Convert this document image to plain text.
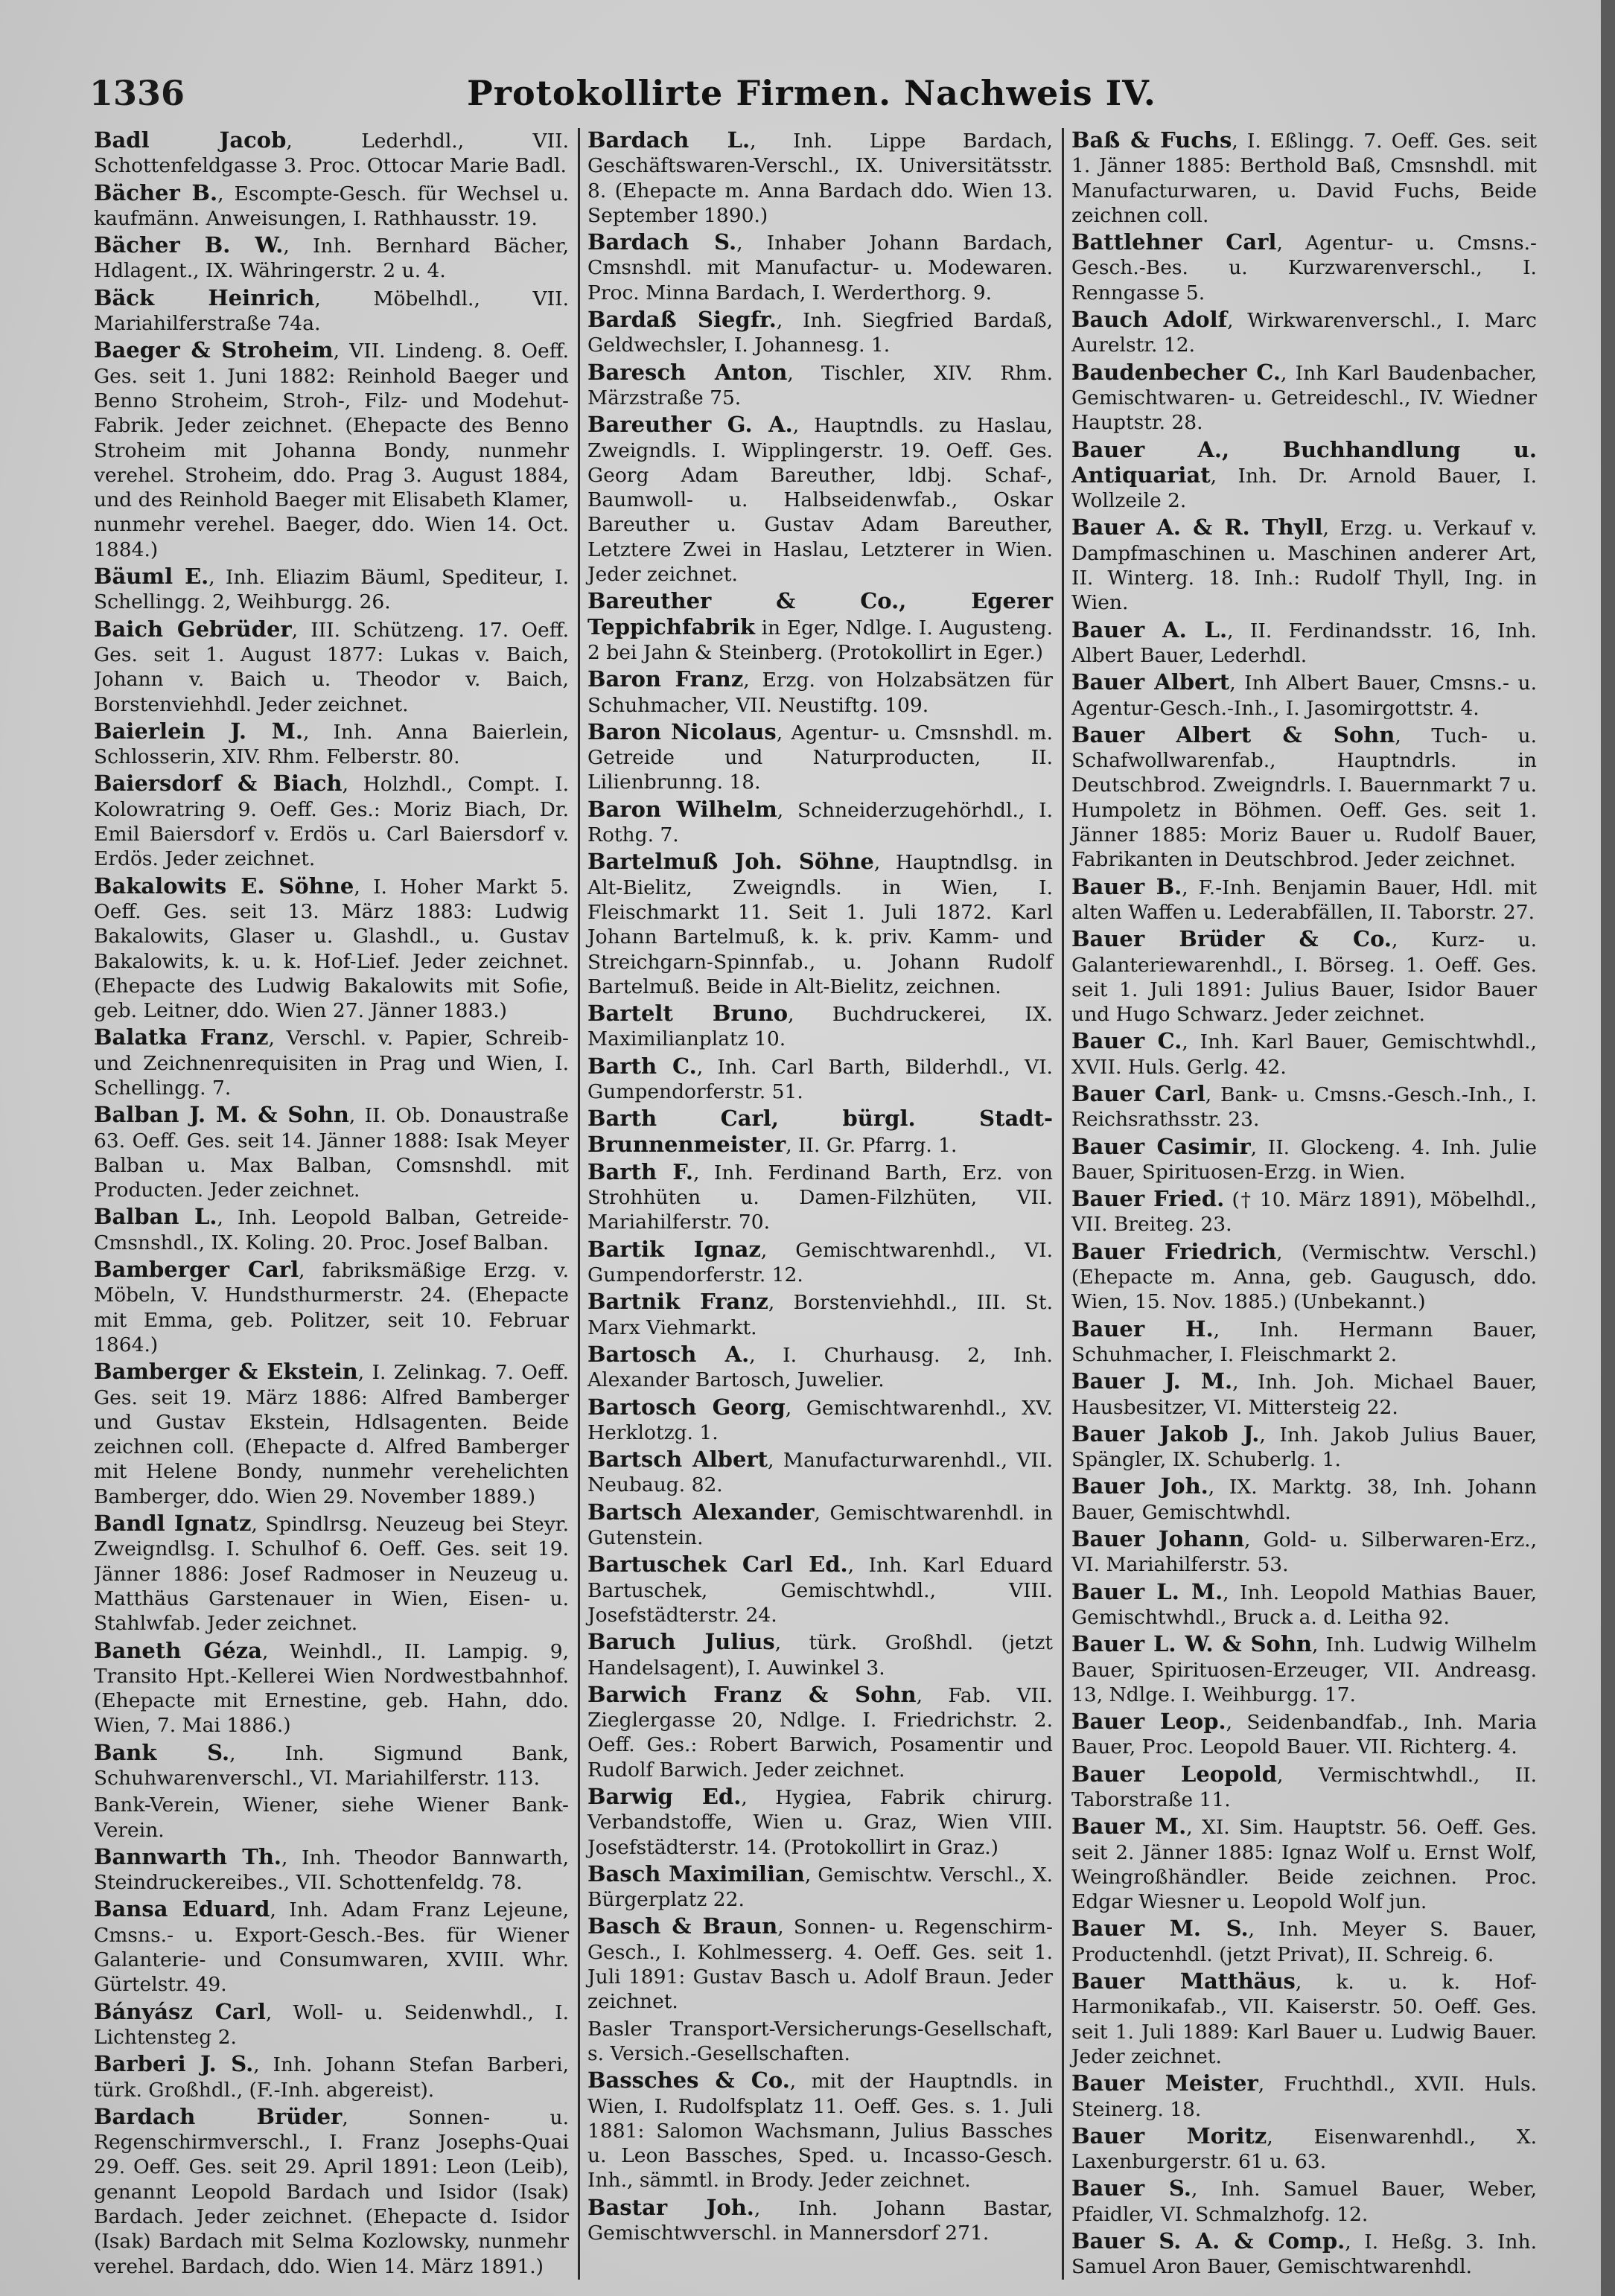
1336	Protokollirte Firmen. Nachweis IV.

Badl Jacob, Lederhdl., VII. Schottenfeldgasse 3. Proc. Ottocar Marie Badl.

Bächer B., Escompte-Gesch. für Wechsel u. kaufmänn. Anweisungen, I. Rathhausstr. 19.

Bächer B. W., Inh. Bernhard Bächer, Hdlagent., IX. Währingerstr. 2 u. 4.

Bäck Heinrich, Möbelhdl., VII. Mariahilferstraße 74a.

Baeger & Stroheim, VII. Lindeng. 8. Oeff. Ges. seit 1. Juni 1882: Reinhold Baeger und Benno Stroheim, Stroh-, Filz- und Modehut-Fabrik. Jeder zeichnet. (Ehepacte des Benno Stroheim mit Johanna Bondy, nunmehr verehel. Stroheim, ddo. Prag 3. August 1884, und des Reinhold Baeger mit Elisabeth Klamer, nunmehr verehel. Baeger, ddo. Wien 14. Oct. 1884.)

Bäuml E., Inh. Eliazim Bäuml, Spediteur, I. Schellingg. 2, Weihburgg. 26.

Baich Gebrüder, III. Schützeng. 17. Oeff. Ges. seit 1. August 1877: Lukas v. Baich, Johann v. Baich u. Theodor v. Baich, Borstenviehhdl. Jeder zeichnet.

Baierlein J. M., Inh. Anna Baierlein, Schlosserin, XIV. Rhm. Felberstr. 80.

Baiersdorf & Biach, Holzhdl., Compt. I. Kolowratring 9. Oeff. Ges.: Moriz Biach, Dr. Emil Baiersdorf v. Erdös u. Carl Baiersdorf v. Erdös. Jeder zeichnet.

Bakalowits E. Söhne, I. Hoher Markt 5. Oeff. Ges. seit 13. März 1883: Ludwig Bakalowits, Glaser u. Glashdl., u. Gustav Bakalowits, k. u. k. Hof-Lief. Jeder zeichnet. (Ehepacte des Ludwig Bakalowits mit Sofie, geb. Leitner, ddo. Wien 27. Jänner 1883.)

Balatka Franz, Verschl. v. Papier, Schreib- und Zeichnenrequisiten in Prag und Wien, I. Schellingg. 7.

Balban J. M. & Sohn, II. Ob. Donaustraße 63. Oeff. Ges. seit 14. Jänner 1888: Isak Meyer Balban u. Max Balban, Comsnshdl. mit Producten. Jeder zeichnet.

Balban L., Inh. Leopold Balban, Getreide-Cmsnshdl., IX. Koling. 20. Proc. Josef Balban.

Bamberger Carl, fabriksmäßige Erzg. v. Möbeln, V. Hundsthurmerstr. 24. (Ehepacte mit Emma, geb. Politzer, seit 10. Februar 1864.)

Bamberger & Ekstein, I. Zelinkag. 7. Oeff. Ges. seit 19. März 1886: Alfred Bamberger und Gustav Ekstein, Hdlsagenten. Beide zeichnen coll. (Ehepacte d. Alfred Bamberger mit Helene Bondy, nunmehr verehelichten Bamberger, ddo. Wien 29. November 1889.)

Bandl Ignatz, Spindlrsg. Neuzeug bei Steyr. Zweigndlsg. I. Schulhof 6. Oeff. Ges. seit 19. Jänner 1886: Josef Radmoser in Neuzeug u. Matthäus Garstenauer in Wien, Eisen- u. Stahlwfab. Jeder zeichnet.

Baneth Géza, Weinhdl., II. Lampig. 9, Transito Hpt.-Kellerei Wien Nordwestbahnhof. (Ehepacte mit Ernestine, geb. Hahn, ddo. Wien, 7. Mai 1886.)

Bank S., Inh. Sigmund Bank, Schuhwarenverschl., VI. Mariahilferstr. 113.

Bank-Verein, Wiener, siehe Wiener Bank-Verein.

Bannwarth Th., Inh. Theodor Bannwarth, Steindruckereibes., VII. Schottenfeldg. 78.

Bansa Eduard, Inh. Adam Franz Lejeune, Cmsns.- u. Export-Gesch.-Bes. für Wiener Galanterie- und Consumwaren, XVIII. Whr. Gürtelstr. 49.

Bányász Carl, Woll- u. Seidenwhdl., I. Lichtensteg 2.

Barberi J. S., Inh. Johann Stefan Barberi, türk. Großhdl., (F.-Inh. abgereist).

Bardach Brüder, Sonnen- u. Regenschirmverschl., I. Franz Josephs-Quai 29. Oeff. Ges. seit 29. April 1891: Leon (Leib), genannt Leopold Bardach und Isidor (Isak) Bardach. Jeder zeichnet. (Ehepacte d. Isidor (Isak) Bardach mit Selma Kozlowsky, nunmehr verehel. Bardach, ddo. Wien 14. März 1891.)

Bardach L., Inh. Lippe Bardach, Geschäftswaren-Verschl., IX. Universitätsstr. 8. (Ehepacte m. Anna Bardach ddo. Wien 13. September 1890.)

Bardach S., Inhaber Johann Bardach, Cmsnshdl. mit Manufactur- u. Modewaren. Proc. Minna Bardach, I. Werderthorg. 9.

Bardaß Siegfr., Inh. Siegfried Bardaß, Geldwechsler, I. Johannesg. 1.

Baresch Anton, Tischler, XIV. Rhm. Märzstraße 75.

Bareuther G. A., Hauptndls. zu Haslau, Zweigndls. I. Wipplingerstr. 19. Oeff. Ges. Georg Adam Bareuther, ldbj. Schaf-, Baumwoll- u. Halbseidenwfab., Oskar Bareuther u. Gustav Adam Bareuther, Letztere Zwei in Haslau, Letzterer in Wien. Jeder zeichnet.

Bareuther & Co., Egerer Teppichfabrik in Eger, Ndlge. I. Augusteng. 2 bei Jahn & Steinberg. (Protokollirt in Eger.)

Baron Franz, Erzg. von Holzabsätzen für Schuhmacher, VII. Neustiftg. 109.

Baron Nicolaus, Agentur- u. Cmsnshdl. m. Getreide und Naturproducten, II. Lilienbrunng. 18.

Baron Wilhelm, Schneiderzugehörhdl., I. Rothg. 7.

Bartelmuß Joh. Söhne, Hauptndlsg. in Alt-Bielitz, Zweigndls. in Wien, I. Fleischmarkt 11. Seit 1. Juli 1872. Karl Johann Bartelmuß, k. k. priv. Kamm- und Streichgarn-Spinnfab., u. Johann Rudolf Bartelmuß. Beide in Alt-Bielitz, zeichnen.

Bartelt Bruno, Buchdruckerei, IX. Maximilianplatz 10.

Barth C., Inh. Carl Barth, Bilderhdl., VI. Gumpendorferstr. 51.

Barth Carl, bürgl. Stadt-Brunnenmeister, II. Gr. Pfarrg. 1.

Barth F., Inh. Ferdinand Barth, Erz. von Strohhüten u. Damen-Filzhüten, VII. Mariahilferstr. 70.

Bartik Ignaz, Gemischtwarenhdl., VI. Gumpendorferstr. 12.

Bartnik Franz, Borstenviehhdl., III. St. Marx Viehmarkt.

Bartosch A., I. Churhausg. 2, Inh. Alexander Bartosch, Juwelier.

Bartosch Georg, Gemischtwarenhdl., XV. Herklotzg. 1.

Bartsch Albert, Manufacturwarenhdl., VII. Neubaug. 82.

Bartsch Alexander, Gemischtwarenhdl. in Gutenstein.

Bartuschek Carl Ed., Inh. Karl Eduard Bartuschek, Gemischtwhdl., VIII. Josefstädterstr. 24.

Baruch Julius, türk. Großhdl. (jetzt Handelsagent), I. Auwinkel 3.

Barwich Franz & Sohn, Fab. VII. Zieglergasse 20, Ndlge. I. Friedrichstr. 2. Oeff. Ges.: Robert Barwich, Posamentir und Rudolf Barwich. Jeder zeichnet.

Barwig Ed., Hygiea, Fabrik chirurg. Verbandstoffe, Wien u. Graz, Wien VIII. Josefstädterstr. 14. (Protokollirt in Graz.)

Basch Maximilian, Gemischtw. Verschl., X. Bürgerplatz 22.

Basch & Braun, Sonnen- u. Regenschirm-Gesch., I. Kohlmesserg. 4. Oeff. Ges. seit 1. Juli 1891: Gustav Basch u. Adolf Braun. Jeder zeichnet.

Basler Transport-Versicherungs-Gesellschaft, s. Versich.-Gesellschaften.

Bassches & Co., mit der Hauptndls. in Wien, I. Rudolfsplatz 11. Oeff. Ges. s. 1. Juli 1881: Salomon Wachsmann, Julius Bassches u. Leon Bassches, Sped. u. Incasso-Gesch. Inh., sämmtl. in Brody. Jeder zeichnet.

Bastar Joh., Inh. Johann Bastar, Gemischtwverschl. in Mannersdorf 271.

Baß & Fuchs, I. Eßlingg. 7. Oeff. Ges. seit 1. Jänner 1885: Berthold Baß, Cmsnshdl. mit Manufacturwaren, u. David Fuchs, Beide zeichnen coll.

Battlehner Carl, Agentur- u. Cmsns.-Gesch.-Bes. u. Kurzwarenverschl., I. Renngasse 5.

Bauch Adolf, Wirkwarenverschl., I. Marc Aurelstr. 12.

Baudenbecher C., Inh Karl Baudenbacher, Gemischtwaren- u. Getreideschl., IV. Wiedner Hauptstr. 28.

Bauer A., Buchhandlung u. Antiquariat, Inh. Dr. Arnold Bauer, I. Wollzeile 2.

Bauer A. & R. Thyll, Erzg. u. Verkauf v. Dampfmaschinen u. Maschinen anderer Art, II. Winterg. 18. Inh.: Rudolf Thyll, Ing. in Wien.

Bauer A. L., II. Ferdinandsstr. 16, Inh. Albert Bauer, Lederhdl.

Bauer Albert, Inh Albert Bauer, Cmsns.- u. Agentur-Gesch.-Inh., I. Jasomirgottstr. 4.

Bauer Albert & Sohn, Tuch- u. Schafwollwarenfab., Hauptndrls. in Deutschbrod. Zweigndrls. I. Bauernmarkt 7 u. Humpoletz in Böhmen. Oeff. Ges. seit 1. Jänner 1885: Moriz Bauer u. Rudolf Bauer, Fabrikanten in Deutschbrod. Jeder zeichnet.

Bauer B., F.-Inh. Benjamin Bauer, Hdl. mit alten Waffen u. Lederabfällen, II. Taborstr. 27.

Bauer Brüder & Co., Kurz- u. Galanteriewarenhdl., I. Börseg. 1. Oeff. Ges. seit 1. Juli 1891: Julius Bauer, Isidor Bauer und Hugo Schwarz. Jeder zeichnet.

Bauer C., Inh. Karl Bauer, Gemischtwhdl., XVII. Huls. Gerlg. 42.

Bauer Carl, Bank- u. Cmsns.-Gesch.-Inh., I. Reichsrathsstr. 23.

Bauer Casimir, II. Glockeng. 4. Inh. Julie Bauer, Spirituosen-Erzg. in Wien.

Bauer Fried. († 10. März 1891), Möbelhdl., VII. Breiteg. 23.

Bauer Friedrich, (Vermischtw. Verschl.) (Ehepacte m. Anna, geb. Gaugusch, ddo. Wien, 15. Nov. 1885.) (Unbekannt.)

Bauer H., Inh. Hermann Bauer, Schuhmacher, I. Fleischmarkt 2.

Bauer J. M., Inh. Joh. Michael Bauer, Hausbesitzer, VI. Mittersteig 22.

Bauer Jakob J., Inh. Jakob Julius Bauer, Spängler, IX. Schuberlg. 1.

Bauer Joh., IX. Marktg. 38, Inh. Johann Bauer, Gemischtwhdl.

Bauer Johann, Gold- u. Silberwaren-Erz., VI. Mariahilferstr. 53.

Bauer L. M., Inh. Leopold Mathias Bauer, Gemischtwhdl., Bruck a. d. Leitha 92.

Bauer L. W. & Sohn, Inh. Ludwig Wilhelm Bauer, Spirituosen-Erzeuger, VII. Andreasg. 13, Ndlge. I. Weihburgg. 17.

Bauer Leop., Seidenbandfab., Inh. Maria Bauer, Proc. Leopold Bauer. VII. Richterg. 4.

Bauer Leopold, Vermischtwhdl., II. Taborstraße 11.

Bauer M., XI. Sim. Hauptstr. 56. Oeff. Ges. seit 2. Jänner 1885: Ignaz Wolf u. Ernst Wolf, Weingroßhändler. Beide zeichnen. Proc. Edgar Wiesner u. Leopold Wolf jun.

Bauer M. S., Inh. Meyer S. Bauer, Productenhdl. (jetzt Privat), II. Schreig. 6.

Bauer Matthäus, k. u. k. Hof-Harmonikafab., VII. Kaiserstr. 50. Oeff. Ges. seit 1. Juli 1889: Karl Bauer u. Ludwig Bauer. Jeder zeichnet.

Bauer Meister, Fruchthdl., XVII. Huls. Steinerg. 18.

Bauer Moritz, Eisenwarenhdl., X. Laxenburgerstr. 61 u. 63.

Bauer S., Inh. Samuel Bauer, Weber, Pfaidler, VI. Schmalzhofg. 12.

Bauer S. A. & Comp., I. Heßg. 3. Inh. Samuel Aron Bauer, Gemischtwarenhdl.
